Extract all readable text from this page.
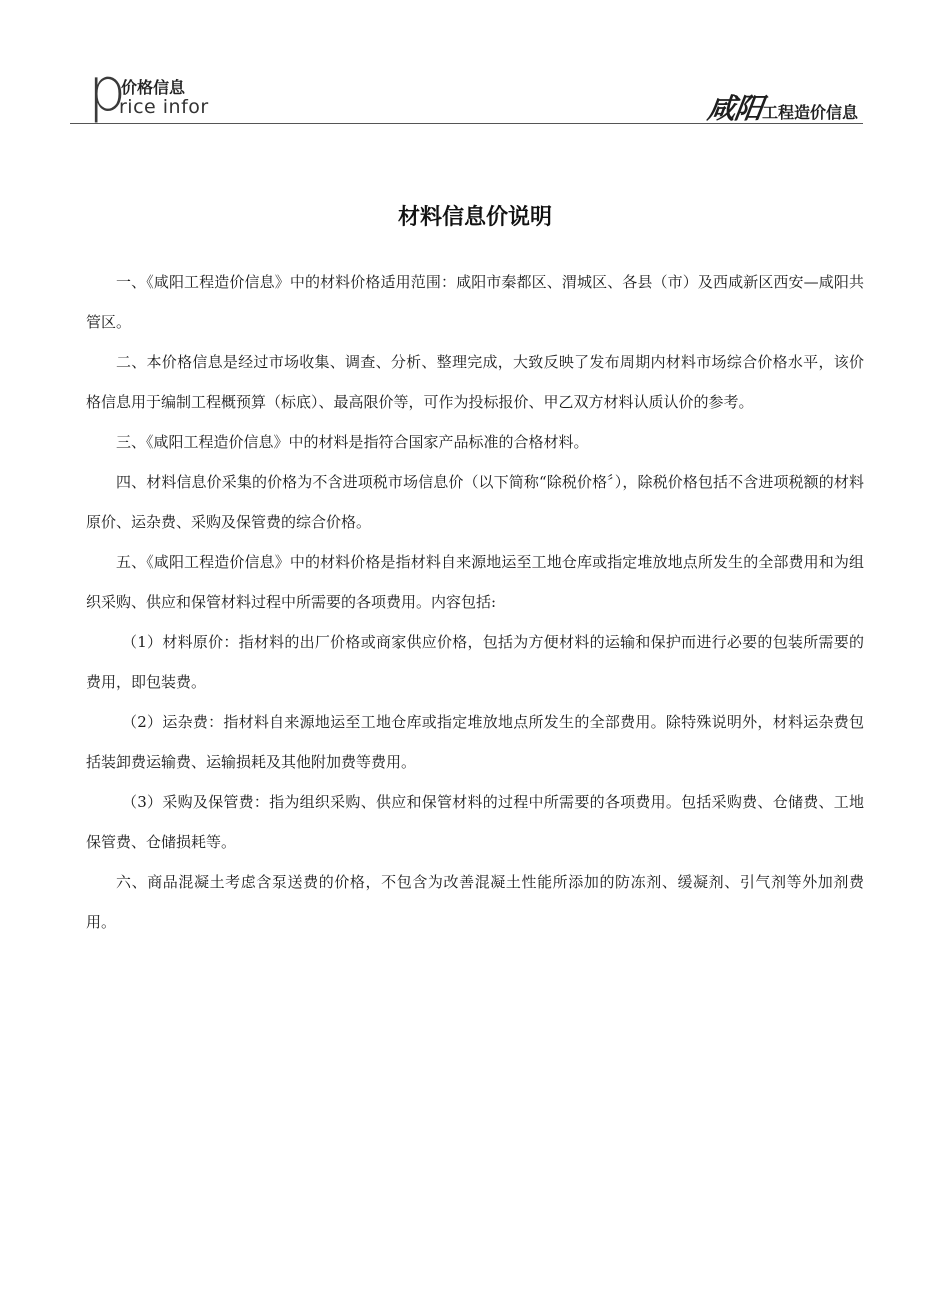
p
价格信息
rice infor	咸阳工程造价信息
材料信息价说明

一、《咸阳工程造价信息》中的材料价格适用范围：咸阳市秦都区、渭城区、各县（市）及西咸新区西安—咸阳共管区。

二、本价格信息是经过市场收集、调查、分析、整理完成，大致反映了发布周期内材料市场综合价格水平，该价格信息用于编制工程概预算（标底）、最高限价等，可作为投标报价、甲乙双方材料认质认价的参考。

三、《咸阳工程造价信息》中的材料是指符合国家产品标准的合格材料。

四、材料信息价采集的价格为不含进项税市场信息价（以下简称“除税价格〞），除税价格包括不含进项税额的材料原价、运杂费、采购及保管费的综合价格。

五、《咸阳工程造价信息》中的材料价格是指材料自来源地运至工地仓库或指定堆放地点所发生的全部费用和为组织采购、供应和保管材料过程中所需要的各项费用。内容包括:

（1）材料原价：指材料的出厂价格或商家供应价格，包括为方便材料的运输和保护而进行必要的包装所需要的费用，即包装费。

（2）运杂费：指材料自来源地运至工地仓库或指定堆放地点所发生的全部费用。除特殊说明外，材料运杂费包括装卸费运输费、运输损耗及其他附加费等费用。

（3）采购及保管费：指为组织采购、供应和保管材料的过程中所需要的各项费用。包括采购费、仓储费、工地保管费、仓储损耗等。

六、商品混凝土考虑含泵送费的价格，不包含为改善混凝土性能所添加的防冻剂、缓凝剂、引气剂等外加剂费用。
